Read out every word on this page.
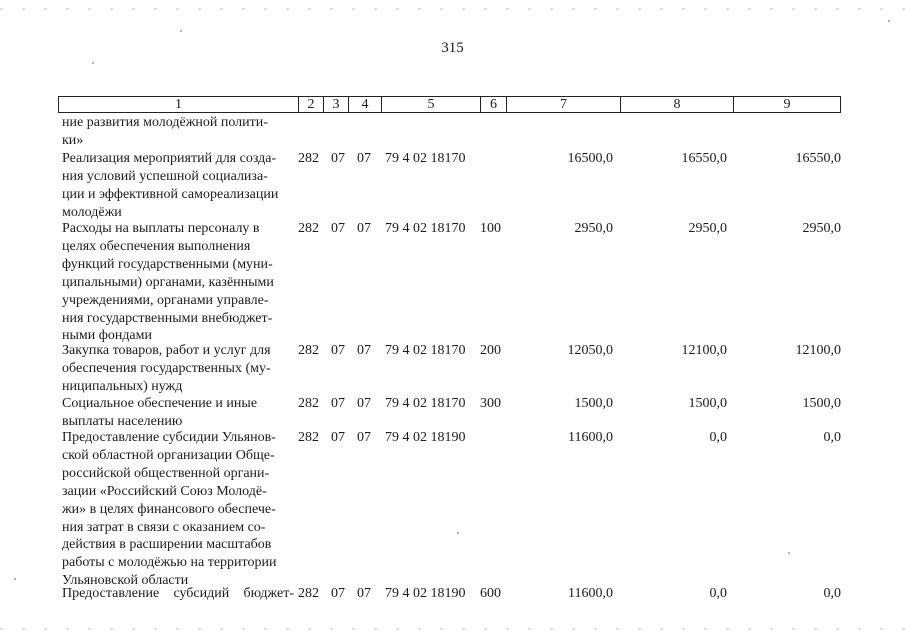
315
1	2	3	4	5	6	7	8	9
ние развития молодёжной полити-
ки»
Реализация мероприятий для созда-
ния условий успешной социализа-
ции и эффективной самореализации
молодёжи
282 07 07 79 4 02 18170	16500,0	16550,0	16550,0
Расходы на выплаты персоналу в
целях обеспечения выполнения
функций государственными (муни-
ципальными) органами, казёнными
учреждениями, органами управле-
ния государственными внебюджет-
ными фондами
282 07 07 79 4 02 18170 100	2950,0	2950,0	2950,0
Закупка товаров, работ и услуг для
обеспечения государственных (му-
ниципальных) нужд
282 07 07 79 4 02 18170 200	12050,0	12100,0	12100,0
Социальное обеспечение и иные
выплаты населению
282 07 07 79 4 02 18170 300	1500,0	1500,0	1500,0
Предоставление субсидии Ульянов-
ской областной организации Обще-
российской общественной органи-
зации «Российский Союз Молодё-
жи» в целях финансового обеспече-
ния затрат в связи с оказанием со-
действия в расширении масштабов
работы с молодёжью на территории
Ульяновской области
282 07 07 79 4 02 18190	11600,0	0,0	0,0
Предоставление субсидий бюджет- 282 07 07 79 4 02 18190 600	11600,0	0,0	0,0
